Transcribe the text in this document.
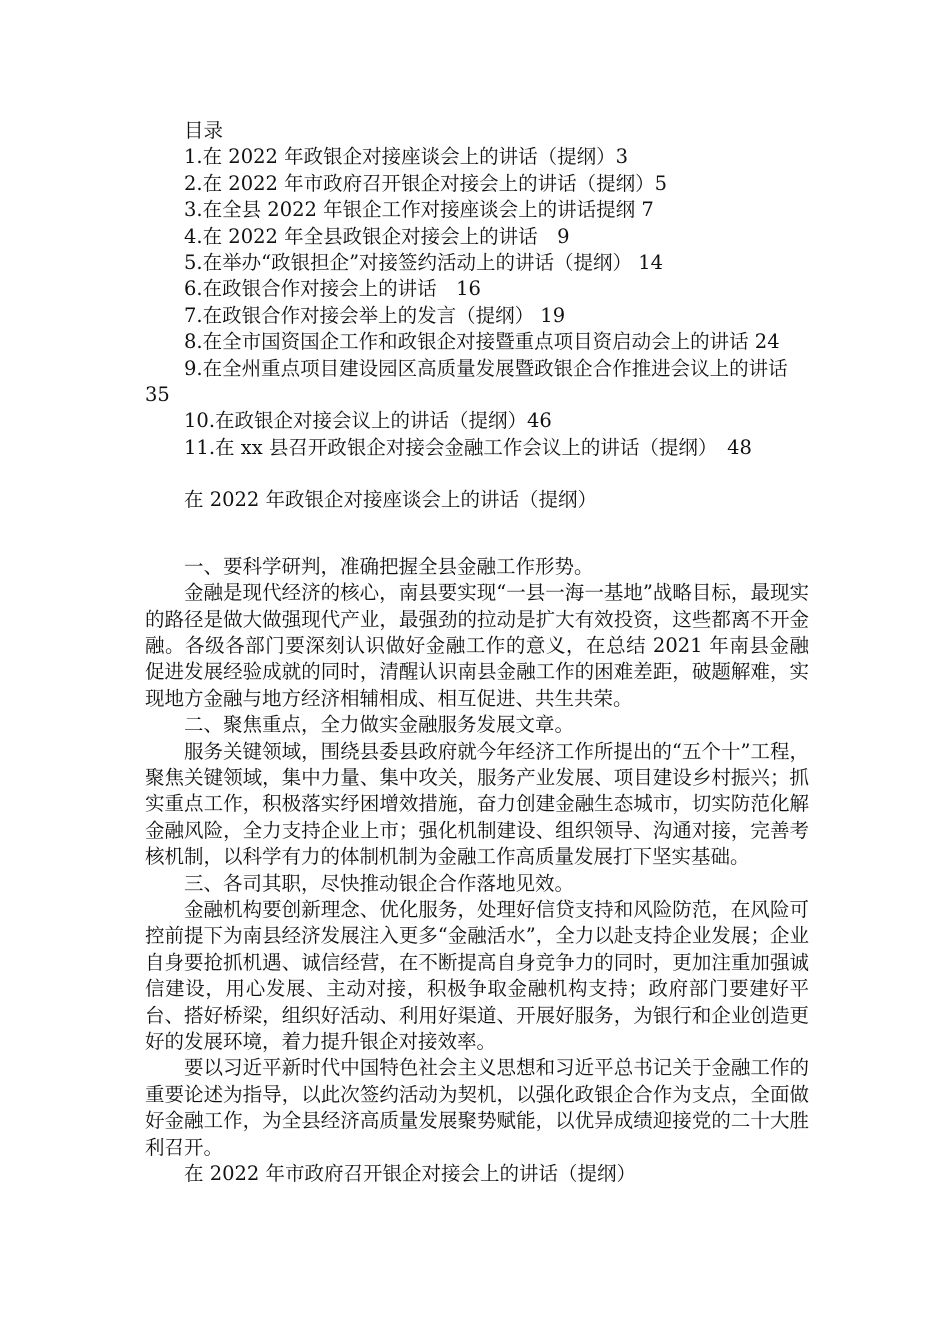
目录

1.在 2022 年政银企对接座谈会上的讲话（提纲）3

2.在 2022 年市政府召开银企对接会上的讲话（提纲）5

3.在全县 2022 年银企工作对接座谈会上的讲话提纲 7

4.在 2022 年全县政银企对接会上的讲话　9

5.在举办“政银担企”对接签约活动上的讲话（提纲） 14

6.在政银合作对接会上的讲话　16

7.在政银合作对接会举上的发言（提纲） 19

8.在全市国资国企工作和政银企对接暨重点项目资启动会上的讲话 24

9.在全州重点项目建设园区高质量发展暨政银企合作推进会议上的讲话　　35

10.在政银企对接会议上的讲话（提纲）46

11.在 xx 县召开政银企对接会金融工作会议上的讲话（提纲）　48

在 2022 年政银企对接座谈会上的讲话（提纲）

一、要科学研判，准确把握全县金融工作形势。

金融是现代经济的核心，南县要实现“一县一海一基地”战略目标，最现实的路径是做大做强现代产业，最强劲的拉动是扩大有效投资，这些都离不开金融。各级各部门要深刻认识做好金融工作的意义，在总结 2021 年南县金融促进发展经验成就的同时，清醒认识南县金融工作的困难差距，破题解难，实现地方金融与地方经济相辅相成、相互促进、共生共荣。

二、聚焦重点，全力做实金融服务发展文章。

服务关键领域，围绕县委县政府就今年经济工作所提出的“五个十”工程，聚焦关键领域，集中力量、集中攻关，服务产业发展、项目建设乡村振兴；抓实重点工作，积极落实纾困增效措施，奋力创建金融生态城市，切实防范化解金融风险，全力支持企业上市；强化机制建设、组织领导、沟通对接，完善考核机制，以科学有力的体制机制为金融工作高质量发展打下坚实基础。

三、各司其职，尽快推动银企合作落地见效。

金融机构要创新理念、优化服务，处理好信贷支持和风险防范，在风险可控前提下为南县经济发展注入更多“金融活水”，全力以赴支持企业发展；企业自身要抢抓机遇、诚信经营，在不断提高自身竞争力的同时，更加注重加强诚信建设，用心发展、主动对接，积极争取金融机构支持；政府部门要建好平台、搭好桥梁，组织好活动、利用好渠道、开展好服务，为银行和企业创造更好的发展环境，着力提升银企对接效率。

要以习近平新时代中国特色社会主义思想和习近平总书记关于金融工作的重要论述为指导，以此次签约活动为契机，以强化政银企合作为支点，全面做好金融工作，为全县经济高质量发展聚势赋能，以优异成绩迎接党的二十大胜利召开。

在 2022 年市政府召开银企对接会上的讲话（提纲）
